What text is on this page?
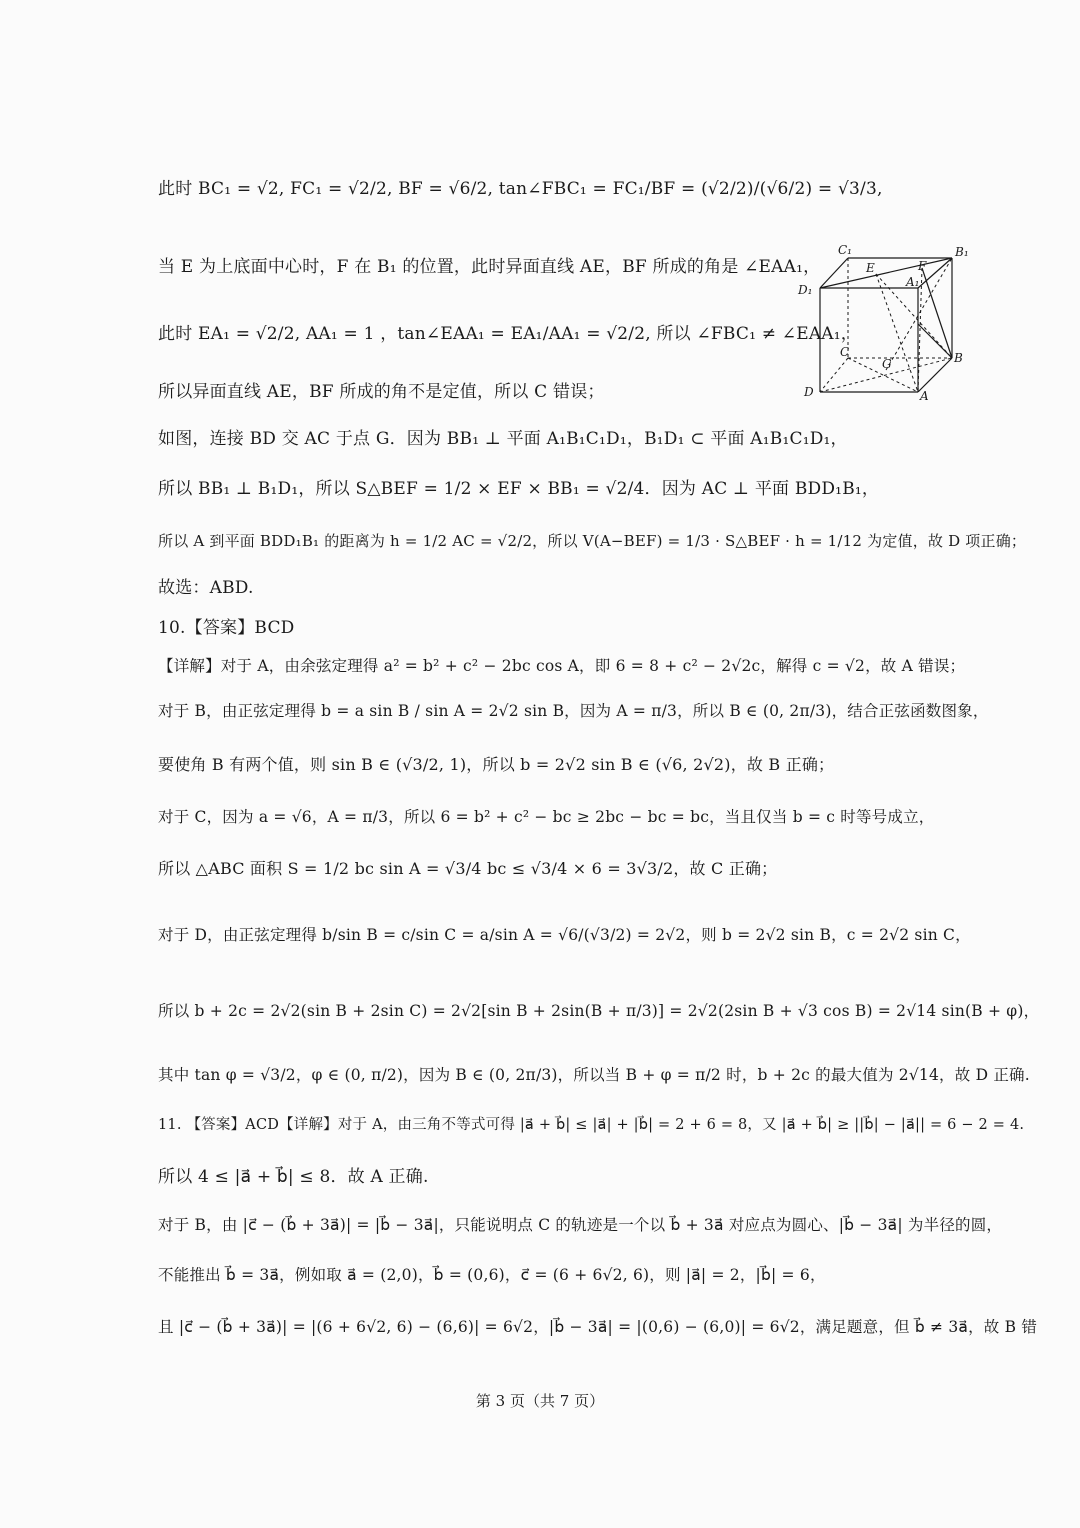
此时 BC₁ = √2, FC₁ = √2/2, BF = √6/2, tan∠FBC₁ = FC₁/BF = (√2/2)/(√6/2) = √3/3,
当 E 为上底面中心时，F 在 B₁ 的位置，此时异面直线 AE，BF 所成的角是 ∠EAA₁，
此时 EA₁ = √2/2, AA₁ = 1 ，tan∠EAA₁ = EA₁/AA₁ = √2/2, 所以 ∠FBC₁ ≠ ∠EAA₁，
所以异面直线 AE，BF 所成的角不是定值，所以 C 错误；
如图，连接 BD 交 AC 于点 G．因为 BB₁ ⊥ 平面 A₁B₁C₁D₁，B₁D₁ ⊂ 平面 A₁B₁C₁D₁，
所以 BB₁ ⊥ B₁D₁，所以 S△BEF = 1/2 × EF × BB₁ = √2/4．因为 AC ⊥ 平面 BDD₁B₁，
所以 A 到平面 BDD₁B₁ 的距离为 h = 1/2 AC = √2/2，所以 V(A−BEF) = 1/3 · S△BEF · h = 1/12 为定值，故 D 项正确；
故选：ABD.
10.【答案】BCD
【详解】对于 A，由余弦定理得 a² = b² + c² − 2bc cos A，即 6 = 8 + c² − 2√2c，解得 c = √2，故 A 错误；
对于 B，由正弦定理得 b = a sin B / sin A = 2√2 sin B，因为 A = π/3，所以 B ∈ (0, 2π/3)，结合正弦函数图象，
要使角 B 有两个值，则 sin B ∈ (√3/2, 1)，所以 b = 2√2 sin B ∈ (√6, 2√2)，故 B 正确；
对于 C，因为 a = √6，A = π/3，所以 6 = b² + c² − bc ≥ 2bc − bc = bc，当且仅当 b = c 时等号成立，
所以 △ABC 面积 S = 1/2 bc sin A = √3/4 bc ≤ √3/4 × 6 = 3√3/2，故 C 正确；
对于 D，由正弦定理得 b/sin B = c/sin C = a/sin A = √6/(√3/2) = 2√2，则 b = 2√2 sin B，c = 2√2 sin C，
所以 b + 2c = 2√2(sin B + 2sin C) = 2√2[sin B + 2sin(B + π/3)] = 2√2(2sin B + √3 cos B) = 2√14 sin(B + φ)，
其中 tan φ = √3/2，φ ∈ (0, π/2)，因为 B ∈ (0, 2π/3)，所以当 B + φ = π/2 时，b + 2c 的最大值为 2√14，故 D 正确.
11. 【答案】ACD【详解】对于 A，由三角不等式可得 |a⃗ + b⃗| ≤ |a⃗| + |b⃗| = 2 + 6 = 8，又 |a⃗ + b⃗| ≥ ||b⃗| − |a⃗|| = 6 − 2 = 4.
所以 4 ≤ |a⃗ + b⃗| ≤ 8．故 A 正确.
对于 B，由 |c⃗ − (b⃗ + 3a⃗)| = |b⃗ − 3a⃗|，只能说明点 C 的轨迹是一个以 b⃗ + 3a⃗ 对应点为圆心、|b⃗ − 3a⃗| 为半径的圆，
不能推出 b⃗ = 3a⃗，例如取 a⃗ = (2,0)，b⃗ = (0,6)，c⃗ = (6 + 6√2, 6)，则 |a⃗| = 2，|b⃗| = 6，
且 |c⃗ − (b⃗ + 3a⃗)| = |(6 + 6√2, 6) − (6,6)| = 6√2，|b⃗ − 3a⃗| = |(0,6) − (6,0)| = 6√2，满足题意，但 b⃗ ≠ 3a⃗，故 B 错
第 3 页（共 7 页）
C₁	B₁
D₁
E
A₁
F
C
G	B
D	A
